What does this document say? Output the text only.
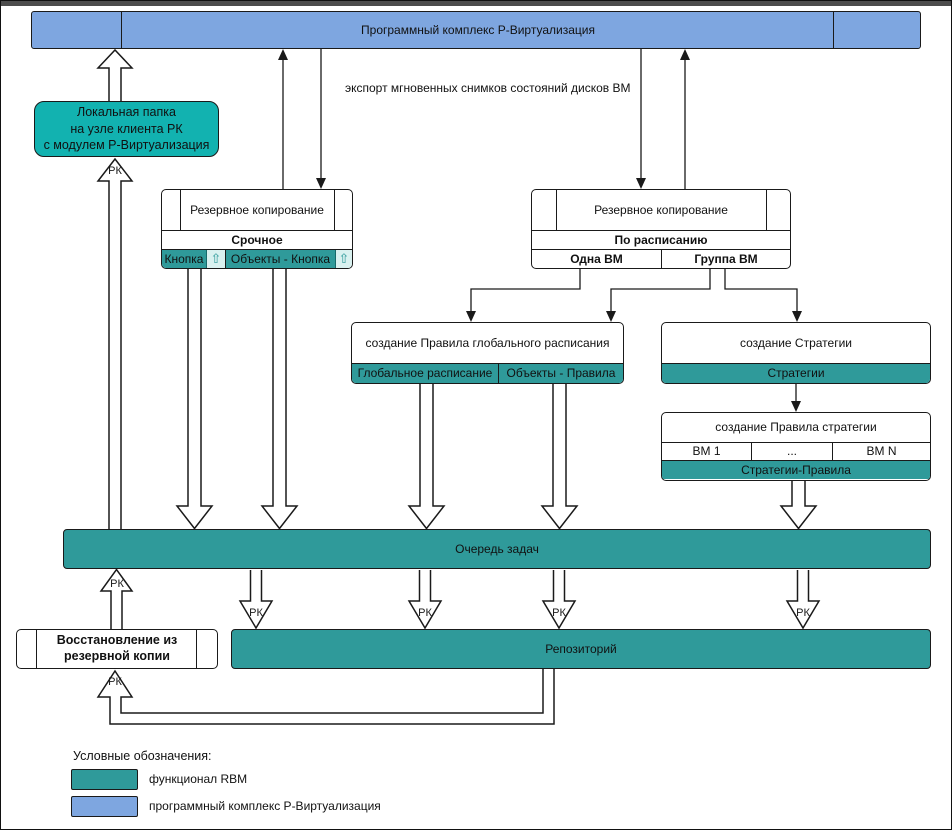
РК
РК
РК	РК	РК	РК
РК
Программный комплекс Р-Виртуализация
экспорт мгновенных снимков состояний дисков ВМ
Локальная папка
на узле клиента РК
с модулем Р-Виртуализация
Резервное копирование
Срочное
Кнопка ⇧ Объекты - Кнопка ⇧
Резервное копирование
По расписанию
Одна ВМ	Группа ВМ
создание Правила глобального расписания
Глобальное расписание	Объекты - Правила
создание Стратегии
Стратегии
создание Правила стратегии
ВМ 1	...	ВМ N
Стратегии-Правила
Очередь задач
Восстановление из
резервной копии
Репозиторий
Условные обозначения:
функционал RBM
программный комплекс Р-Виртуализация
